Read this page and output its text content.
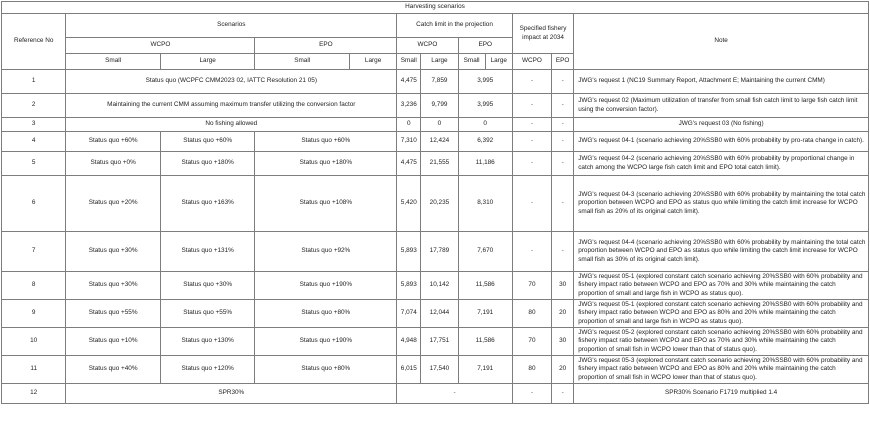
Harvesting scenarios											
Reference No	Scenarios				Catch limit in the projection				Specified fishery impact at 2034		Note
	WCPO		EPO		WCPO		EPO				
	Small	Large	Small	Large	Small	Large	Small	Large	WCPO	EPO	
1	Status quo (WCPFC CMM2023 02, IATTC Resolution 21 05)				4,475	7,859	3,995		-	-	JWG's request 1 (NC19 Summary Report, Attachment E; Maintaining the current CMM)
2	Maintaining the current CMM assuming maximum transfer utilizing the conversion factor				3,236	9,799	3,995		-	-	JWG's request 02 (Maximum utilization of transfer from small fish catch limit to large fish catch limit using the conversion factor).
3	No fishing allowed				0	0	0		-	-	JWG's request 03 (No fishing)
4	Status quo +60%	Status quo +60%	Status quo +60%		7,310	12,424	6,392		-	-	JWG's request 04-1 (scenario achieving 20%SSB0 with 60% probability by pro-rata change in catch).
5	Status quo +0%	Status quo +180%	Status quo +180%		4,475	21,555	11,186		-	-	JWG's request 04-2 (scenario achieving 20%SSB0 with 60% probability by proportional change in catch among the WCPO large fish catch limit and EPO total catch limit).
6	Status quo +20%	Status quo +163%	Status quo +108%		5,420	20,235	8,310		-	-	JWG's request 04-3 (scenario achieving 20%SSB0 with 60% probability by maintaining the total catch proportion between WCPO and EPO as status quo while limiting the catch limit increase for WCPO small fish as 20% of its original catch limit).
7	Status quo +30%	Status quo +131%	Status quo +92%		5,893	17,789	7,670		-	-	JWG's request 04-4 (scenario achieving 20%SSB0 with 60% probability by maintaining the total catch proportion between WCPO and EPO as status quo while limiting the catch limit increase for WCPO small fish as 30% of its original catch limit).
8	Status quo +30%	Status quo +30%	Status quo +190%		5,893	10,142	11,586		70	30	JWG's request 05-1 (explored constant catch scenario achieving 20%SSB0 with 60% probability and fishery impact ratio between WCPO and EPO as 70% and 30% while maintaining the catch proportion of small and large fish in WCPO as status quo).
9	Status quo +55%	Status quo +55%	Status quo +80%		7,074	12,044	7,191		80	20	JWG's request 05-1 (explored constant catch scenario achieving 20%SSB0 with 60% probability and fishery impact ratio between WCPO and EPO as 80% and 20% while maintaining the catch proportion of small and large fish in WCPO as status quo).
10	Status quo +10%	Status quo +130%	Status quo +190%		4,948	17,751	11,586		70	30	JWG's request 05-2 (explored constant catch scenario achieving 20%SSB0 with 60% probability and fishery impact ratio between WCPO and EPO as 70% and 30% while maintaining the catch proportion of small fish in WCPO lower than that of status quo).
11	Status quo +40%	Status quo +120%	Status quo +80%		6,015	17,540	7,191		80	20	JWG's request 05-3 (explored constant catch scenario achieving 20%SSB0 with 60% probability and fishery impact ratio between WCPO and EPO as 80% and 20% while maintaining the catch proportion of small fish in WCPO lower than that of status quo).
12	SPR30%				-				-	-	SPR30% Scenario F1719 multiplied 1.4
